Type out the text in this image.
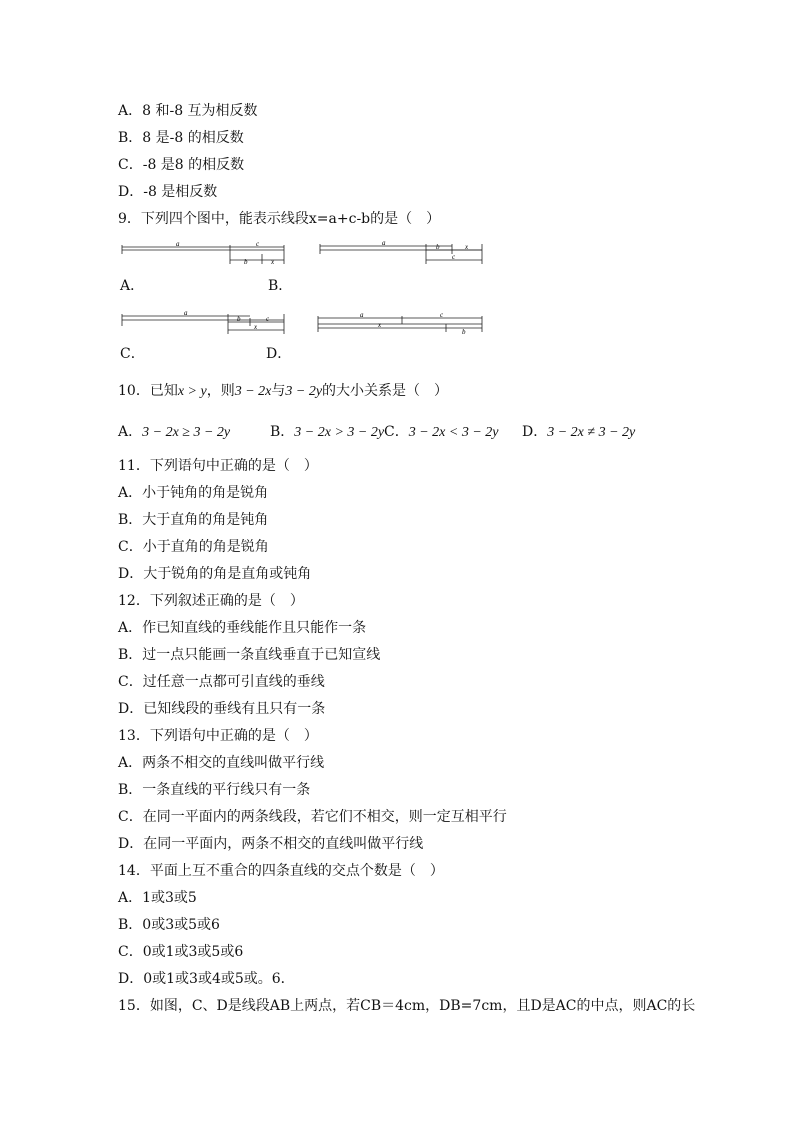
A．8 和-8 互为相反数
B．8 是-8 的相反数
C．-8 是8 的相反数
D．-8 是相反数
9．下列四个图中，能表示线段x=a+c-b的是（　）
a	c
b	x
A．
a	b	x
c
B．
a
b	c
x
C．
a	c
x
b
D．
10．已知x > y，则3 − 2x与3 − 2y的大小关系是（　）
A．3 − 2x ≥ 3 − 2y	B．3 − 2x > 3 − 2y C．3 − 2x < 3 − 2y D．3 − 2x ≠ 3 − 2y
11．下列语句中正确的是（　）
A．小于钝角的角是锐角
B．大于直角的角是钝角
C．小于直角的角是锐角
D．大于锐角的角是直角或钝角
12．下列叙述正确的是（　）
A．作已知直线的垂线能作且只能作一条
B．过一点只能画一条直线垂直于已知宣线
C．过任意一点都可引直线的垂线
D．已知线段的垂线有且只有一条
13．下列语句中正确的是（　）
A．两条不相交的直线叫做平行线
B．一条直线的平行线只有一条
C．在同一平面内的两条线段，若它们不相交，则一定互相平行
D．在同一平面内，两条不相交的直线叫做平行线
14．平面上互不重合的四条直线的交点个数是（　）
A．1或3或5
B．0或3或5或6
C．0或1或3或5或6
D．0或1或3或4或5或。6．
15．如图，C、D是线段AB上两点，若CB＝4cm，DB=7cm，且D是AC的中点，则AC的长
